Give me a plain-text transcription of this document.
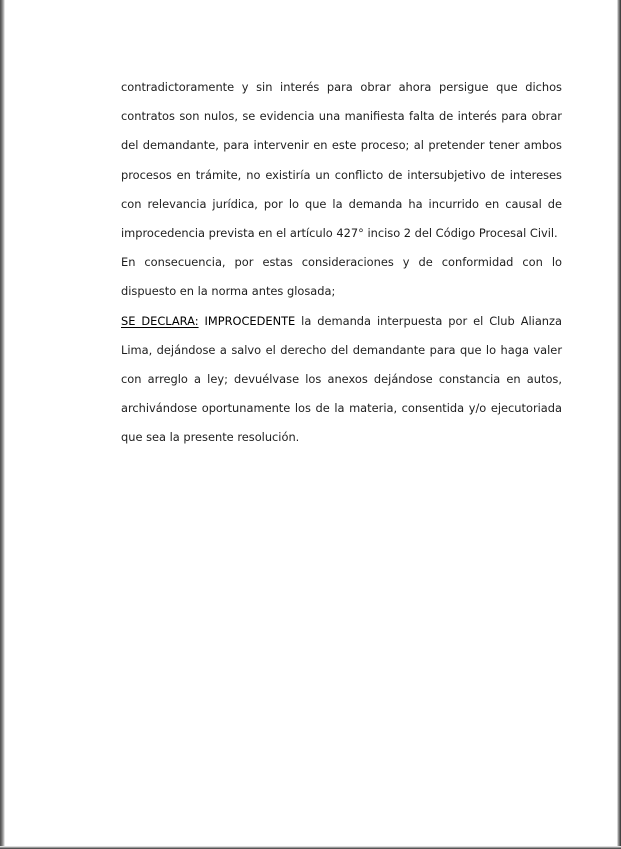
contradictoramente y sin interés para obrar ahora persigue que dichos contratos son nulos, se evidencia una manifiesta falta de interés para obrar del demandante, para intervenir en este proceso; al pretender tener ambos procesos en trámite, no existiría un conflicto de intersubjetivo de intereses con relevancia jurídica, por lo que la demanda ha incurrido en causal de improcedencia prevista en el artículo 427° inciso 2 del Código Procesal Civil.

En consecuencia, por estas consideraciones y de conformidad con lo dispuesto en la norma antes glosada;

SE DECLARA: IMPROCEDENTE la demanda interpuesta por el Club Alianza Lima, dejándose a salvo el derecho del demandante para que lo haga valer con arreglo a ley; devuélvase los anexos dejándose constancia en autos, archivándose oportunamente los de la materia, consentida y/o ejecutoriada que sea la presente resolución.
